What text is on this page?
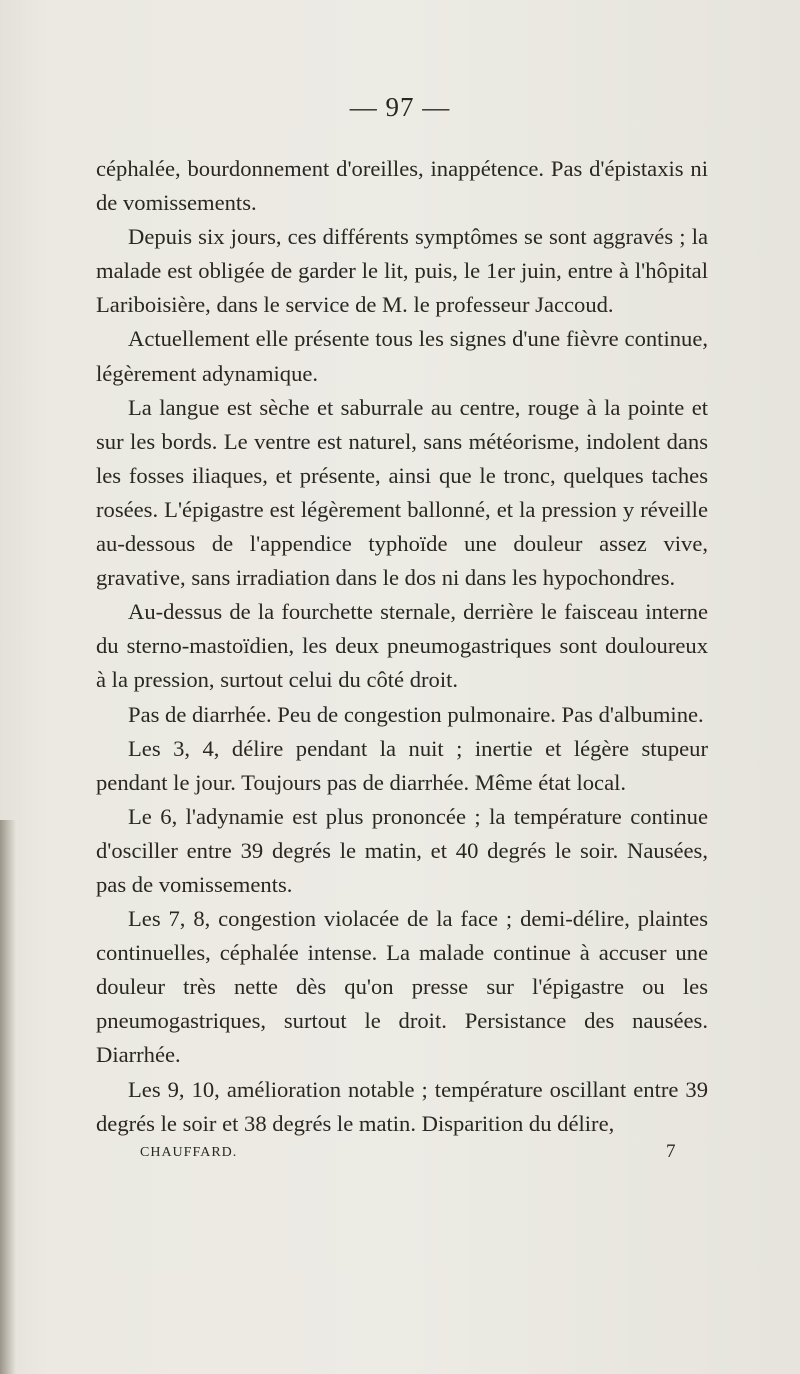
— 97 —

céphalée, bourdonnement d'oreilles, inappétence. Pas d'épistaxis ni de vomissements.

Depuis six jours, ces différents symptômes se sont aggravés ; la malade est obligée de garder le lit, puis, le 1er juin, entre à l'hôpital Lariboisière, dans le service de M. le professeur Jaccoud.

Actuellement elle présente tous les signes d'une fièvre continue, légèrement adynamique.

La langue est sèche et saburrale au centre, rouge à la pointe et sur les bords. Le ventre est naturel, sans météorisme, indolent dans les fosses iliaques, et présente, ainsi que le tronc, quelques taches rosées. L'épigastre est légèrement ballonné, et la pression y réveille au-dessous de l'appendice typhoïde une douleur assez vive, gravative, sans irradiation dans le dos ni dans les hypochondres.

Au-dessus de la fourchette sternale, derrière le faisceau interne du sterno-mastoïdien, les deux pneumogastriques sont douloureux à la pression, surtout celui du côté droit.

Pas de diarrhée. Peu de congestion pulmonaire. Pas d'albumine.

Les 3, 4, délire pendant la nuit ; inertie et légère stupeur pendant le jour. Toujours pas de diarrhée. Même état local.

Le 6, l'adynamie est plus prononcée ; la température continue d'osciller entre 39 degrés le matin, et 40 degrés le soir. Nausées, pas de vomissements.

Les 7, 8, congestion violacée de la face ; demi-délire, plaintes continuelles, céphalée intense. La malade continue à accuser une douleur très nette dès qu'on presse sur l'épigastre ou les pneumogastriques, surtout le droit. Persistance des nausées. Diarrhée.

Les 9, 10, amélioration notable ; température oscillant entre 39 degrés le soir et 38 degrés le matin. Disparition du délire,

CHAUFFARD.	7
